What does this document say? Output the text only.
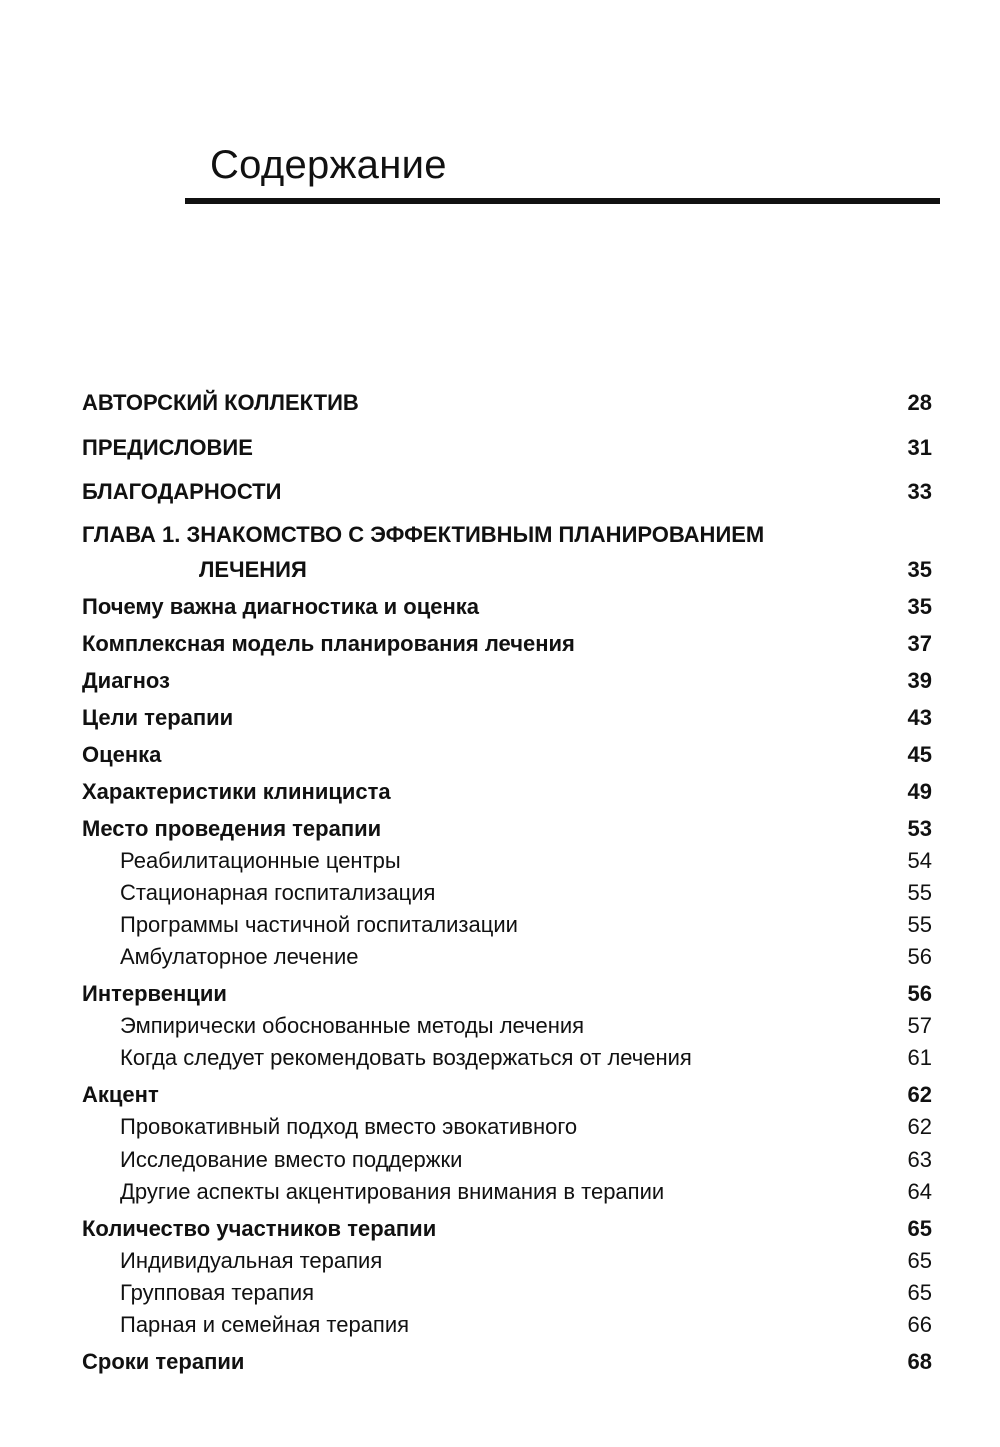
Содержание
АВТОРСКИЙ КОЛЛЕКТИВ	28
ПРЕДИСЛОВИЕ	31
БЛАГОДАРНОСТИ	33
ГЛАВА 1. ЗНАКОМСТВО С ЭФФЕКТИВНЫМ ПЛАНИРОВАНИЕМ
ЛЕЧЕНИЯ	35
Почему важна диагностика и оценка	35
Комплексная модель планирования лечения	37
Диагноз	39
Цели терапии	43
Оценка	45
Характеристики клинициста	49
Место проведения терапии	53
Реабилитационные центры	54
Стационарная госпитализация	55
Программы частичной госпитализации	55
Амбулаторное лечение	56
Интервенции	56
Эмпирически обоснованные методы лечения	57
Когда следует рекомендовать воздержаться от лечения	61
Акцент	62
Провокативный подход вместо эвокативного	62
Исследование вместо поддержки	63
Другие аспекты акцентирования внимания в терапии	64
Количество участников терапии	65
Индивидуальная терапия	65
Групповая терапия	65
Парная и семейная терапия	66
Сроки терапии	68
